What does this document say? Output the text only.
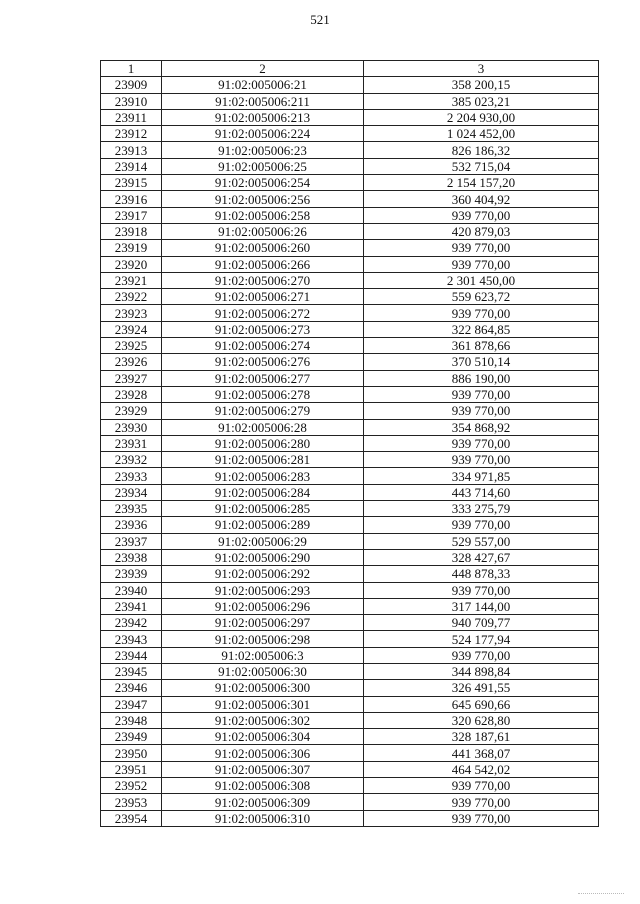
521
1	2	3
23909	91:02:005006:21	358 200,15
23910	91:02:005006:211	385 023,21
23911	91:02:005006:213	2 204 930,00
23912	91:02:005006:224	1 024 452,00
23913	91:02:005006:23	826 186,32
23914	91:02:005006:25	532 715,04
23915	91:02:005006:254	2 154 157,20
23916	91:02:005006:256	360 404,92
23917	91:02:005006:258	939 770,00
23918	91:02:005006:26	420 879,03
23919	91:02:005006:260	939 770,00
23920	91:02:005006:266	939 770,00
23921	91:02:005006:270	2 301 450,00
23922	91:02:005006:271	559 623,72
23923	91:02:005006:272	939 770,00
23924	91:02:005006:273	322 864,85
23925	91:02:005006:274	361 878,66
23926	91:02:005006:276	370 510,14
23927	91:02:005006:277	886 190,00
23928	91:02:005006:278	939 770,00
23929	91:02:005006:279	939 770,00
23930	91:02:005006:28	354 868,92
23931	91:02:005006:280	939 770,00
23932	91:02:005006:281	939 770,00
23933	91:02:005006:283	334 971,85
23934	91:02:005006:284	443 714,60
23935	91:02:005006:285	333 275,79
23936	91:02:005006:289	939 770,00
23937	91:02:005006:29	529 557,00
23938	91:02:005006:290	328 427,67
23939	91:02:005006:292	448 878,33
23940	91:02:005006:293	939 770,00
23941	91:02:005006:296	317 144,00
23942	91:02:005006:297	940 709,77
23943	91:02:005006:298	524 177,94
23944	91:02:005006:3	939 770,00
23945	91:02:005006:30	344 898,84
23946	91:02:005006:300	326 491,55
23947	91:02:005006:301	645 690,66
23948	91:02:005006:302	320 628,80
23949	91:02:005006:304	328 187,61
23950	91:02:005006:306	441 368,07
23951	91:02:005006:307	464 542,02
23952	91:02:005006:308	939 770,00
23953	91:02:005006:309	939 770,00
23954	91:02:005006:310	939 770,00
